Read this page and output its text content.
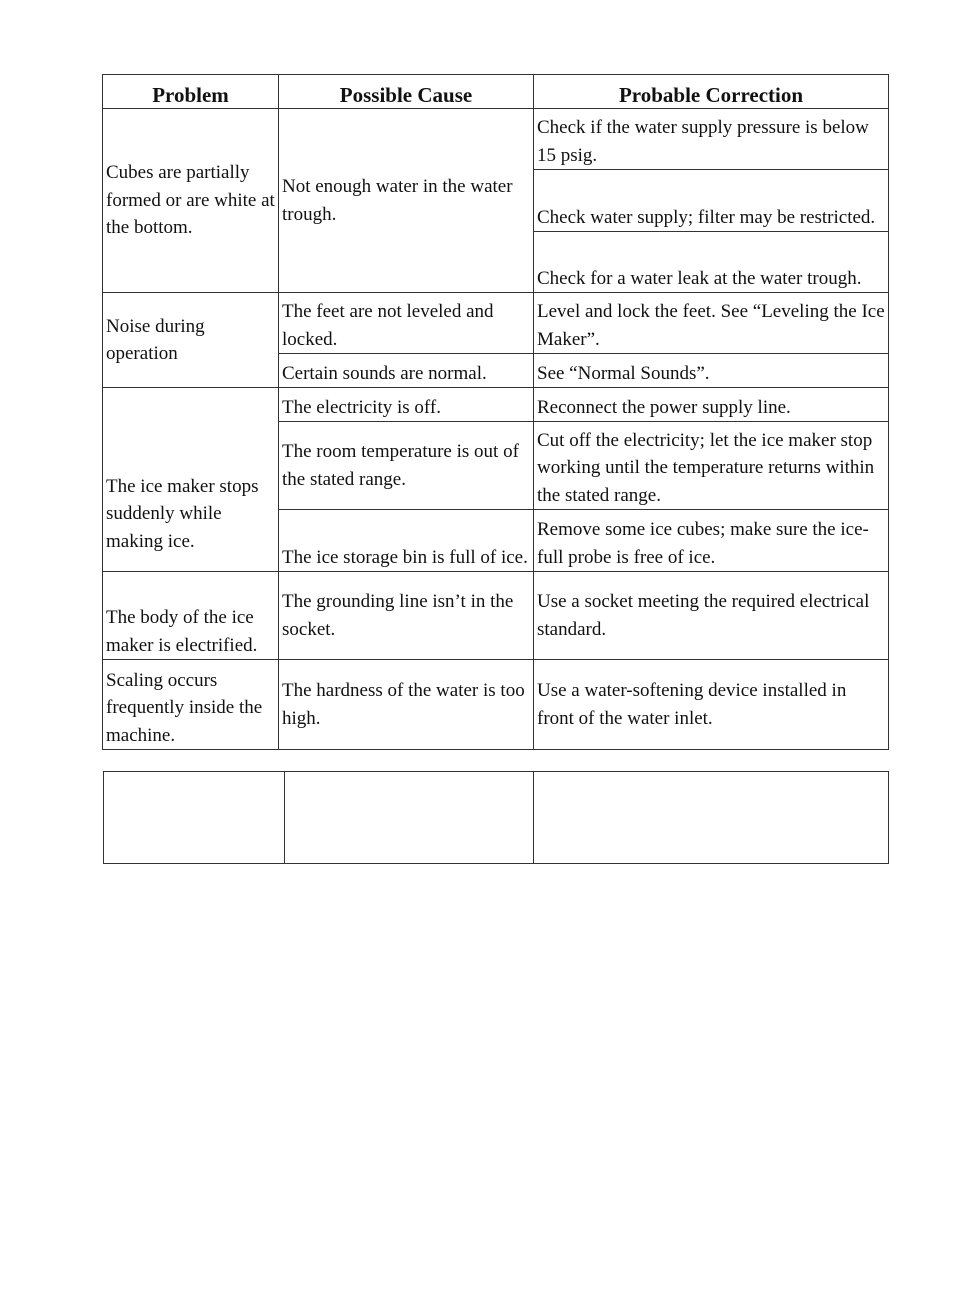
Problem	Possible Cause	Probable Correction
Cubes are partially formed or are white at the bottom.	Not enough water in the water trough.	Check if the water supply pressure is below 15 psig.
		Check water supply; filter may be restricted.
		Check for a water leak at the water trough.
Noise during operation	The feet are not leveled and locked.	Level and lock the feet. See “Leveling the Ice Maker”.
	Certain sounds are normal.	See “Normal Sounds”.
The ice maker stops suddenly while making ice.	The electricity is off.	Reconnect the power supply line.
	The room temperature is out of the stated range.	Cut off the electricity; let the ice maker stop working until the temperature returns within the stated range.
	The ice storage bin is full of ice.	Remove some ice cubes; make sure the ice-full probe is free of ice.
The body of the ice maker is electrified.	The grounding line isn’t in the socket.	Use a socket meeting the required electrical standard.
Scaling occurs frequently inside the machine.	The hardness of the water is too high.	Use a water-softening device installed in front of the water inlet.
